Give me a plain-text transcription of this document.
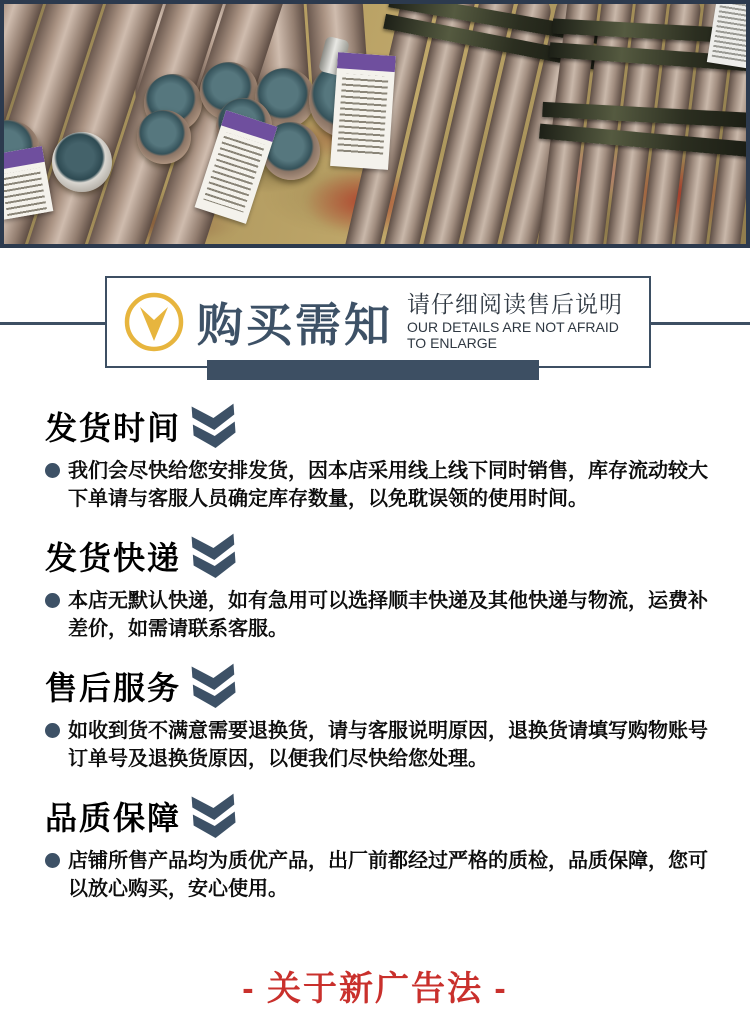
购买需知 请仔细阅读售后说明
OUR DETAILS ARE NOT AFRAID TO ENLARGE
发货时间
我们会尽快给您安排发货，因本店采用线上线下同时销售，库存流动较大下单请与客服人员确定库存数量，以免耽误领的使用时间。
发货快递
本店无默认快递，如有急用可以选择顺丰快递及其他快递与物流，运费补差价，如需请联系客服。
售后服务
如收到货不满意需要退换货，请与客服说明原因，退换货请填写购物账号订单号及退换货原因，以便我们尽快给您处理。
品质保障
店铺所售产品均为质优产品，出厂前都经过严格的质检，品质保障，您可以放心购买，安心使用。
- 关于新广告法 -
